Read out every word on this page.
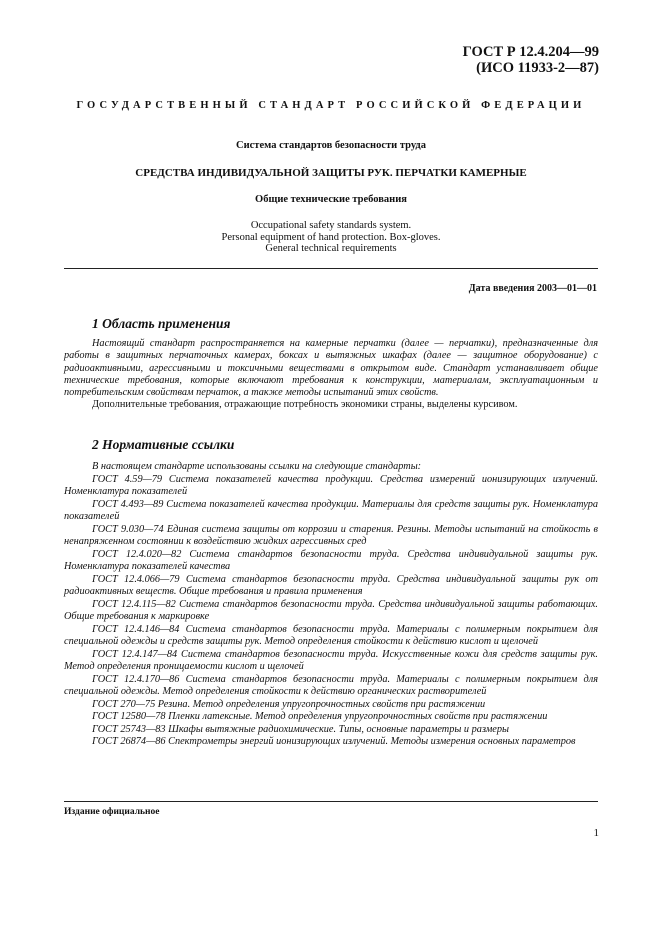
ГОСТ Р 12.4.204—99
(ИСО 11933-2—87)
ГОСУДАРСТВЕННЫЙ СТАНДАРТ РОССИЙСКОЙ ФЕДЕРАЦИИ
Система стандартов безопасности труда
СРЕДСТВА ИНДИВИДУАЛЬНОЙ ЗАЩИТЫ РУК. ПЕРЧАТКИ КАМЕРНЫЕ
Общие технические требования
Occupational safety standards system.
Personal equipment of hand protection. Box-gloves.
General technical requirements
Дата введения 2003—01—01
1 Область применения

Настоящий стандарт распространяется на камерные перчатки (далее — перчатки), предназначенные для работы в защитных перчаточных камерах, боксах и вытяжных шкафах (далее — защитное оборудование) с радиоактивными, агрессивными и токсичными веществами в открытом виде. Стандарт устанавливает общие технические требования, которые включают требования к конструкции, материалам, эксплуатационным и потребительским свойствам перчаток, а также методы испытаний этих свойств.

Дополнительные требования, отражающие потребность экономики страны, выделены курсивом.

2 Нормативные ссылки

В настоящем стандарте использованы ссылки на следующие стандарты:

ГОСТ 4.59—79 Система показателей качества продукции. Средства измерений ионизирующих излучений. Номенклатура показателей

ГОСТ 4.493—89 Система показателей качества продукции. Материалы для средств защиты рук. Номенклатура показателей

ГОСТ 9.030—74 Единая система защиты от коррозии и старения. Резины. Методы испытаний на стойкость в ненапряженном состоянии к воздействию жидких агрессивных сред

ГОСТ 12.4.020—82 Система стандартов безопасности труда. Средства индивидуальной защиты рук. Номенклатура показателей качества

ГОСТ 12.4.066—79 Система стандартов безопасности труда. Средства индивидуальной защиты рук от радиоактивных веществ. Общие требования и правила применения

ГОСТ 12.4.115—82 Система стандартов безопасности труда. Средства индивидуальной защиты работающих. Общие требования к маркировке

ГОСТ 12.4.146—84 Система стандартов безопасности труда. Материалы с полимерным покрытием для специальной одежды и средств защиты рук. Метод определения стойкости к действию кислот и щелочей

ГОСТ 12.4.147—84 Система стандартов безопасности труда. Искусственные кожи для средств защиты рук. Метод определения проницаемости кислот и щелочей

ГОСТ 12.4.170—86 Система стандартов безопасности труда. Материалы с полимерным покрытием для специальной одежды. Метод определения стойкости к действию органических растворителей

ГОСТ 270—75 Резина. Метод определения упругопрочностных свойств при растяжении

ГОСТ 12580—78 Пленки латексные. Метод определения упругопрочностных свойств при растяжении

ГОСТ 25743—83 Шкафы вытяжные радиохимические. Типы, основные параметры и размеры

ГОСТ 26874—86 Спектрометры энергий ионизирующих излучений. Методы измерения основных параметров

Издание официальное
1
